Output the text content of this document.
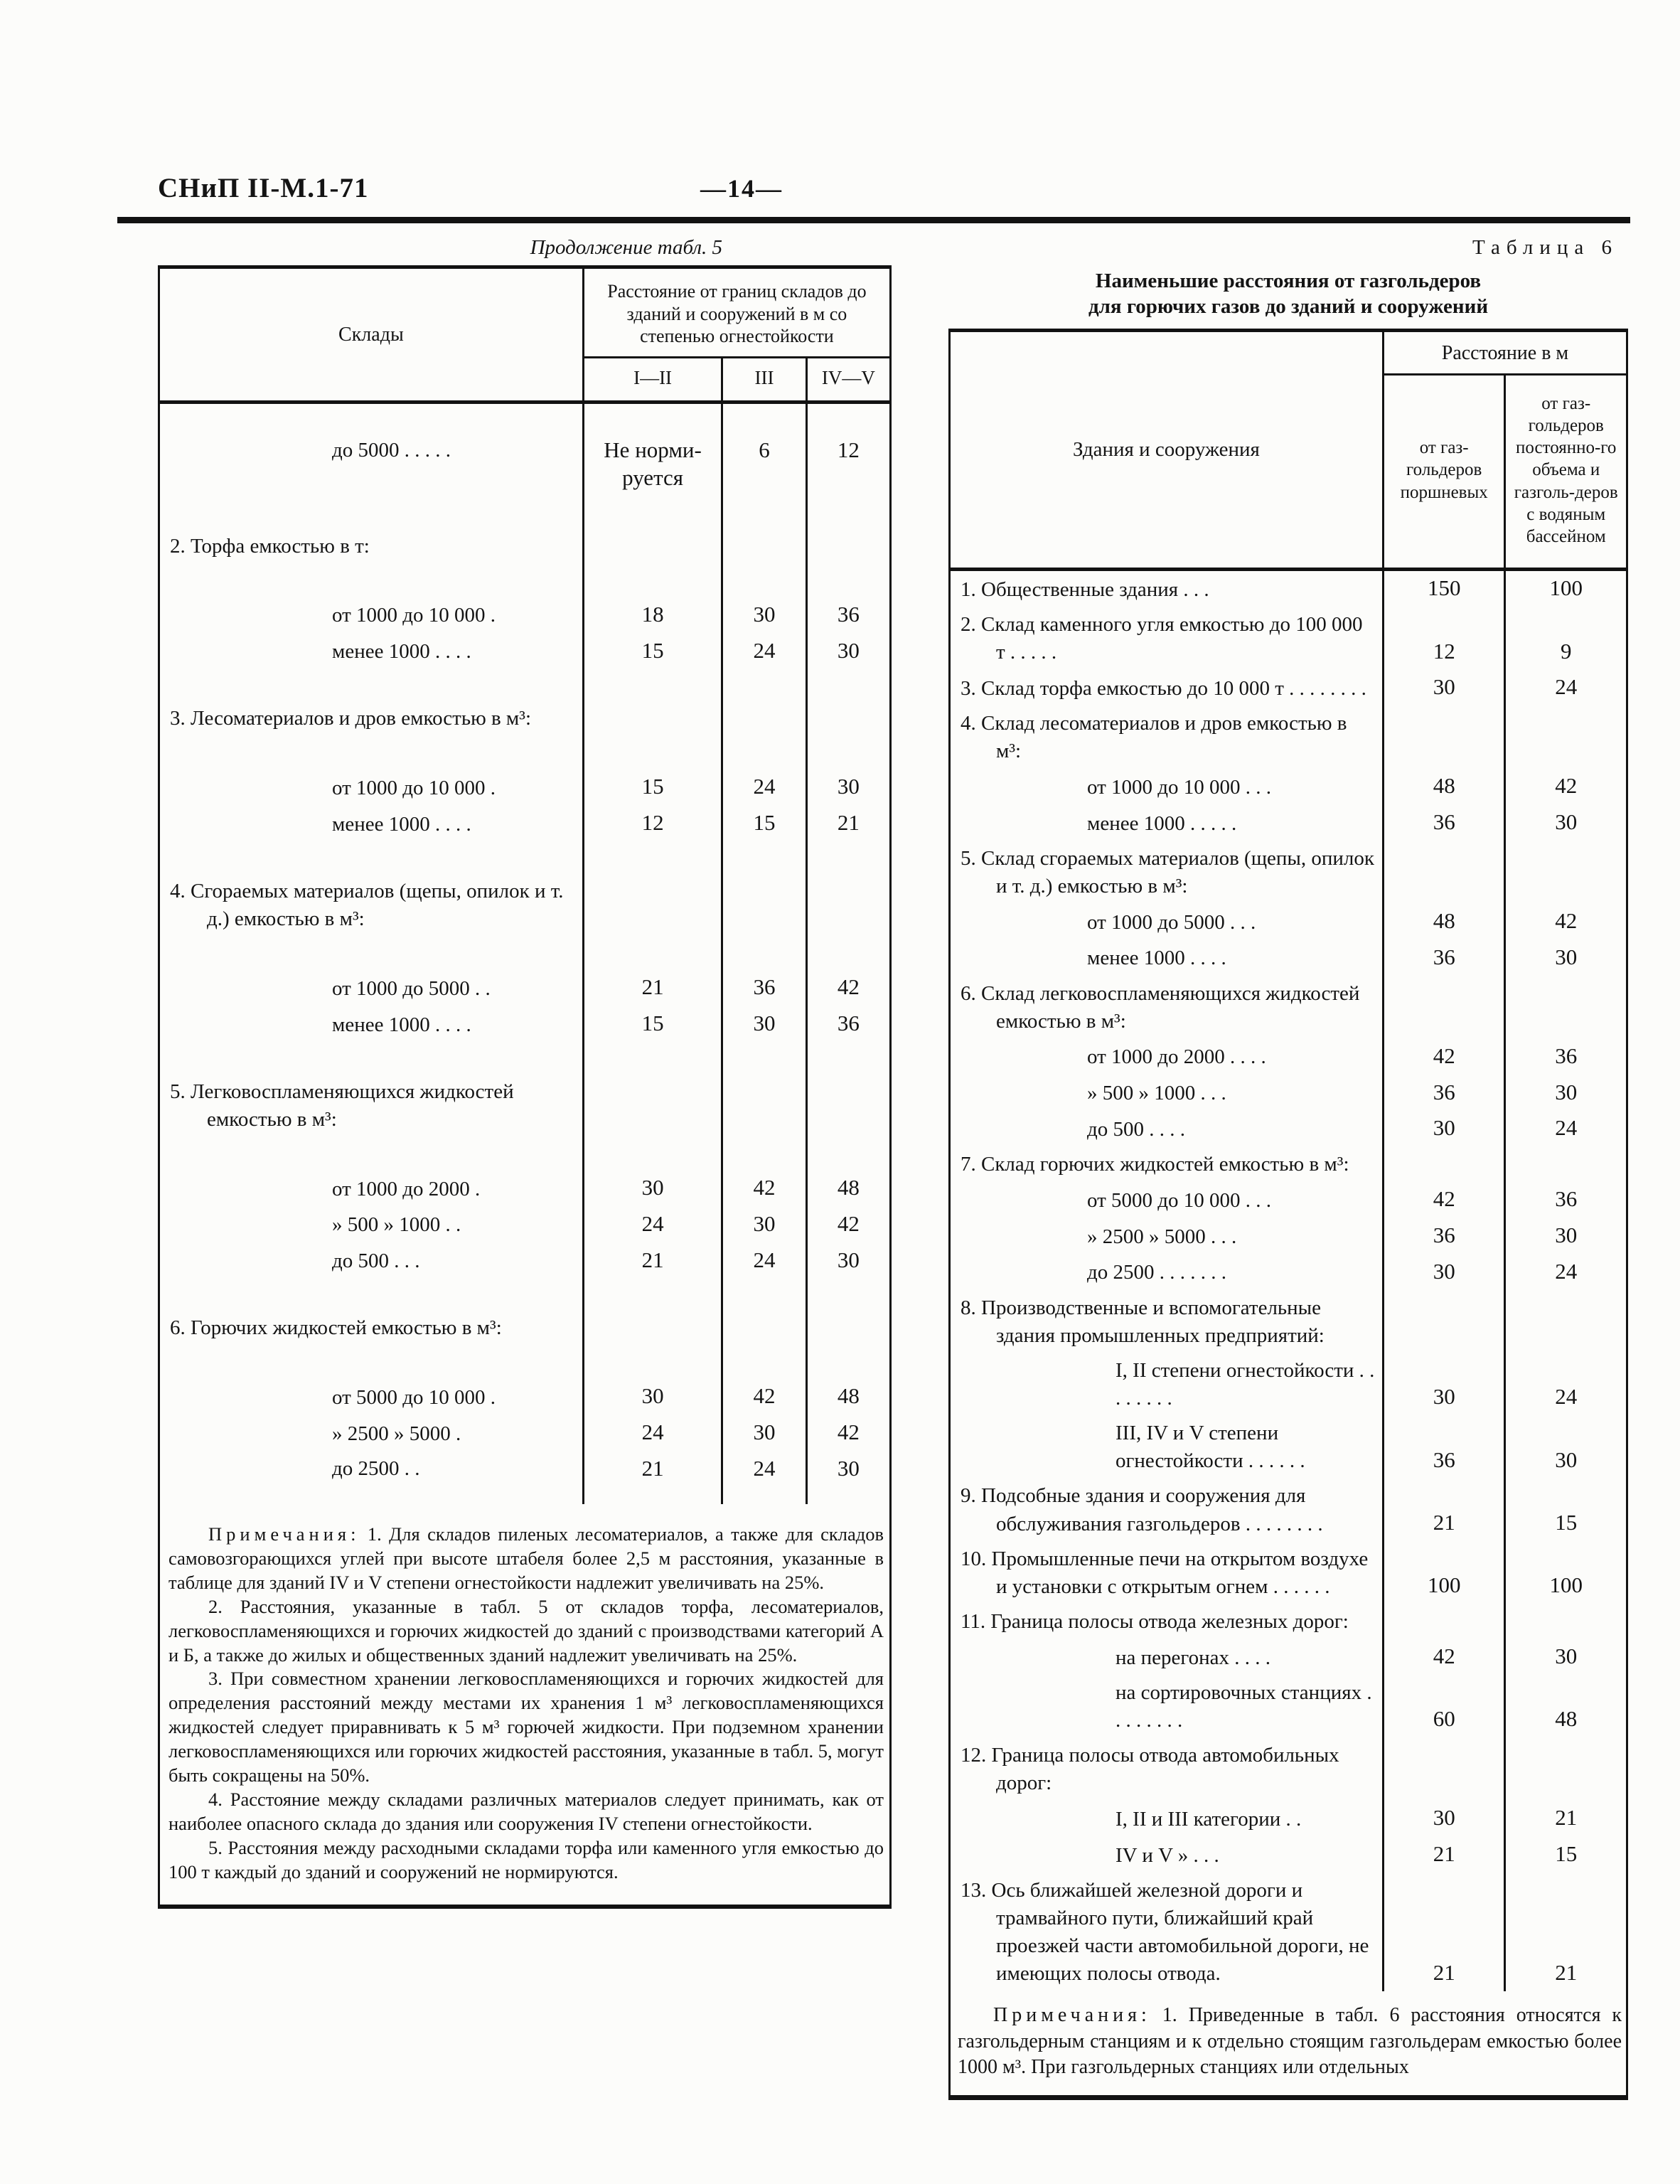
СНиП II-М.1-71	—14—
Продолжение табл. 5
Склады	Расстояние от границ складов до зданий и сооружений в м со степенью огнестойкости		
	I—II	III	IV—V
до 5000 . . . . .	Не норми-руется	6	12
2. Торфа емкостью в т:			
от 1000 до 10 000 .	18	30	36
менее 1000 . . . .	15	24	30
3. Лесоматериалов и дров емкостью в м³:			
от 1000 до 10 000 .	15	24	30
менее 1000 . . . .	12	15	21
4. Сгораемых материалов (щепы, опилок и т. д.) емкостью в м³:			
от 1000 до 5000 . .	21	36	42
менее 1000 . . . .	15	30	36
5. Легковоспламеняющихся жидкостей емкостью в м³:			
от 1000 до 2000 .	30	42	48
» 500 » 1000 . .	24	30	42
до 500 . . .	21	24	30
6. Горючих жидкостей емкостью в м³:			
от 5000 до 10 000 .	30	42	48
» 2500 » 5000 .	24	30	42
до 2500 . .	21	24	30

Примечания: 1. Для складов пиленых лесоматериалов, а также для складов самовозгорающихся углей при высоте штабеля более 2,5 м расстояния, указанные в таблице для зданий IV и V степени огнестойкости надлежит увеличивать на 25%.

2. Расстояния, указанные в табл. 5 от складов торфа, лесоматериалов, легковоспламеняющихся и горючих жидкостей до зданий с производствами категорий А и Б, а также до жилых и общественных зданий надлежит увеличивать на 25%.

3. При совместном хранении легковоспламеняющихся и горючих жидкостей для определения расстояний между местами их хранения 1 м³ легковоспламеняющихся жидкостей следует приравнивать к 5 м³ горючей жидкости. При подземном хранении легковоспламеняющихся или горючих жидкостей расстояния, указанные в табл. 5, могут быть сокращены на 50%.

4. Расстояние между складами различных материалов следует принимать, как от наиболее опасного склада до здания или сооружения IV степени огнестойкости.

5. Расстояния между расходными складами торфа или каменного угля емкостью до 100 т каждый до зданий и сооружений не нормируются.			

Таблица 6
Наименьшие расстояния от газгольдеров
для горючих газов до зданий и сооружений
Здания и сооружения	Расстояние в м	
	от газ-гольдеров поршневых	от газ-гольдеров постоянно-го объема и газголь-деров с водяным бассейном
1. Общественные здания . . .	150	100
2. Склад каменного угля емкостью до 100 000 т . . . . .	12	9
3. Склад торфа емкостью до 10 000 т . . . . . . . .	30	24
4. Склад лесоматериалов и дров емкостью в м³:		
от 1000 до 10 000 . . .	48	42
менее 1000 . . . . .	36	30
5. Склад сгораемых материалов (щепы, опилок и т. д.) емкостью в м³:		
от 1000 до 5000 . . .	48	42
менее 1000 . . . .	36	30
6. Склад легковоспламеняющихся жидкостей емкостью в м³:		
от 1000 до 2000 . . . .	42	36
» 500 » 1000 . . .	36	30
до 500 . . . .	30	24
7. Склад горючих жидкостей емкостью в м³:		
от 5000 до 10 000 . . .	42	36
» 2500 » 5000 . . .	36	30
до 2500 . . . . . . .	30	24
8. Производственные и вспомогательные здания промышленных предприятий:		
I, II степени огнестойкости . . . . . . . .	30	24
III, IV и V степени огнестойкости . . . . . .	36	30
9. Подсобные здания и сооружения для обслуживания газгольдеров . . . . . . . .	21	15
10. Промышленные печи на открытом воздухе и установки с открытым огнем . . . . . .	100	100
11. Граница полосы отвода железных дорог:		
на перегонах . . . .	42	30
на сортировочных станциях . . . . . . . .	60	48
12. Граница полосы отвода автомобильных дорог:		
I, II и III категории . .	30	21
IV и V » . . .	21	15
13. Ось ближайшей железной дороги и трамвайного пути, ближайший край проезжей части автомобильной дороги, не имеющих полосы отвода.	21	21

Примечания: 1. Приведенные в табл. 6 расстояния относятся к газгольдерным станциям и к отдельно стоящим газгольдерам емкостью более 1000 м³. При газгольдерных станциях или отдельных		
